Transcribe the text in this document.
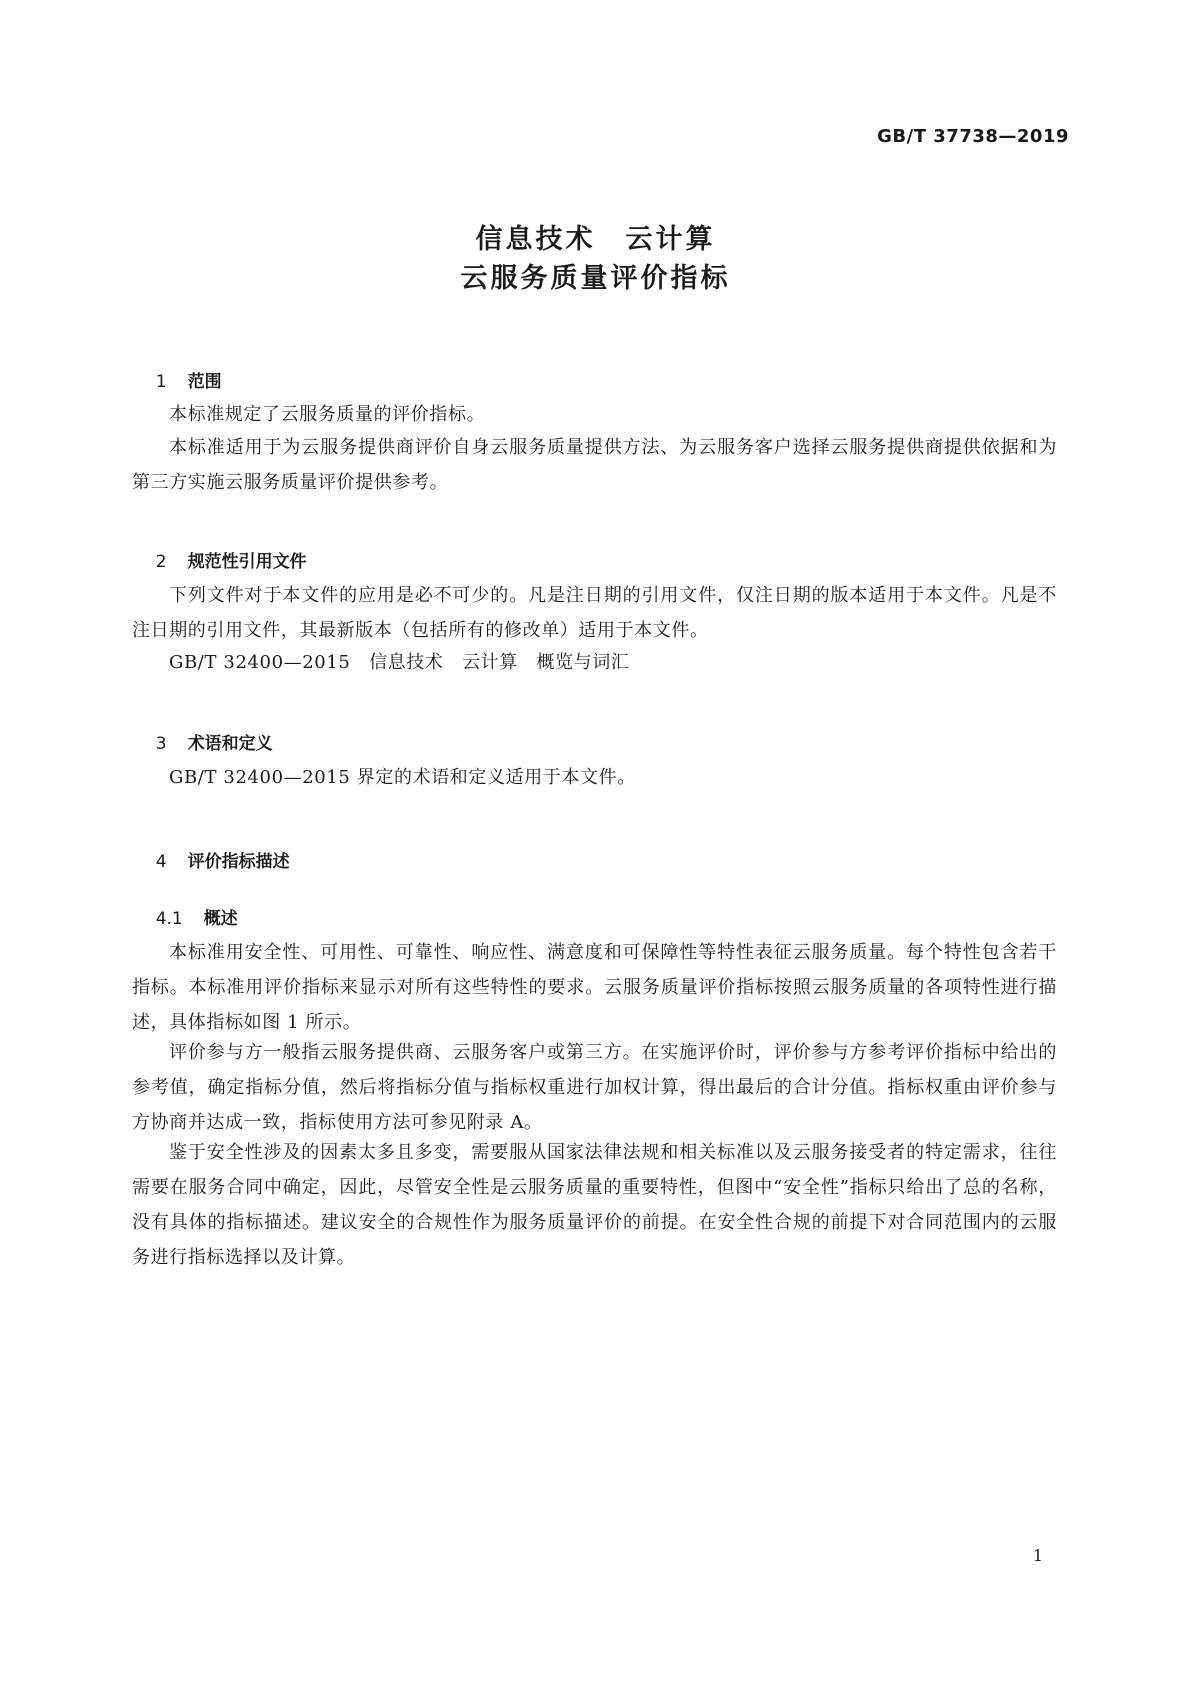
GB/T 37738—2019
信息技术　云计算
云服务质量评价指标

1 范围

本标准规定了云服务质量的评价指标。
本标准适用于为云服务提供商评价自身云服务质量提供方法、为云服务客户选择云服务提供商提供依据和为第三方实施云服务质量评价提供参考。

2 规范性引用文件

下列文件对于本文件的应用是必不可少的。凡是注日期的引用文件，仅注日期的版本适用于本文件。凡是不注日期的引用文件，其最新版本（包括所有的修改单）适用于本文件。
GB/T 32400—2015　信息技术　云计算　概览与词汇

3 术语和定义

GB/T 32400—2015 界定的术语和定义适用于本文件。

4 评价指标描述

4.1 概述

本标准用安全性、可用性、可靠性、响应性、满意度和可保障性等特性表征云服务质量。每个特性包含若干指标。本标准用评价指标来显示对所有这些特性的要求。云服务质量评价指标按照云服务质量的各项特性进行描述，具体指标如图 1 所示。
评价参与方一般指云服务提供商、云服务客户或第三方。在实施评价时，评价参与方参考评价指标中给出的参考值，确定指标分值，然后将指标分值与指标权重进行加权计算，得出最后的合计分值。指标权重由评价参与方协商并达成一致，指标使用方法可参见附录 A。
鉴于安全性涉及的因素太多且多变，需要服从国家法律法规和相关标准以及云服务接受者的特定需求，往往需要在服务合同中确定，因此，尽管安全性是云服务质量的重要特性，但图中“安全性”指标只给出了总的名称，没有具体的指标描述。建议安全的合规性作为服务质量评价的前提。在安全性合规的前提下对合同范围内的云服务进行指标选择以及计算。
1
